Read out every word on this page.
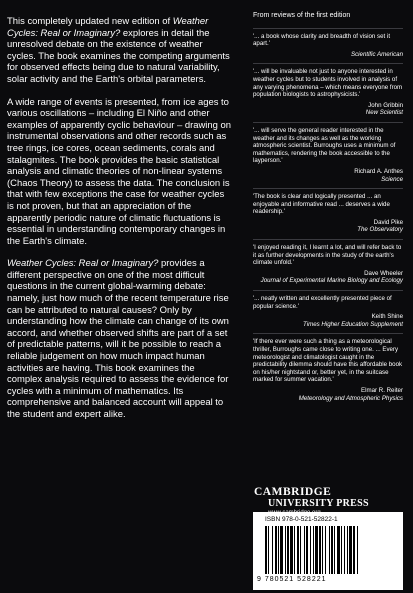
This completely updated new edition of Weather Cycles: Real or Imaginary? explores in detail the unresolved debate on the existence of weather cycles. The book examines the competing arguments for observed effects being due to natural variability, solar activity and the Earth's orbital parameters.

A wide range of events is presented, from ice ages to various oscillations – including El Niño and other examples of apparently cyclic behaviour – drawing on instrumental observations and other records such as tree rings, ice cores, ocean sediments, corals and stalagmites. The book provides the basic statistical analysis and climatic theories of non-linear systems (Chaos Theory) to assess the data. The conclusion is that with few exceptions the case for weather cycles is not proven, but that an appreciation of the apparently periodic nature of climatic fluctuations is essential in understanding contemporary changes in the Earth's climate.

Weather Cycles: Real or Imaginary? provides a different perspective on one of the most difficult questions in the current global-warming debate: namely, just how much of the recent temperature rise can be attributed to natural causes? Only by understanding how the climate can change of its own accord, and whether observed shifts are part of a set of predictable patterns, will it be possible to reach a reliable judgement on how much impact human activities are having. This book examines the complex analysis required to assess the evidence for cycles with a minimum of mathematics. Its comprehensive and balanced account will appeal to the student and expert alike.

From reviews of the first edition

'... a book whose clarity and breadth of vision set it apart.'

Scientific American

'... will be invaluable not just to anyone interested in weather cycles but to students involved in analysis of any varying phenomena – which means everyone from population biologists to astrophysicists.'

John Gribbin

New Scientist

'... will serve the general reader interested in the weather and its changes as well as the working atmospheric scientist. Burroughs uses a minimum of mathematics, rendering the book accessible to the layperson.'

Richard A. Anthes

Science

'The book is clear and logically presented ... an enjoyable and informative read ... deserves a wide readership.'

David Pike

The Observatory

'I enjoyed reading it, I learnt a lot, and will refer back to it as further developments in the study of the earth's climate unfold.'

Dave Wheeler

Journal of Experimental Marine Biology and Ecology

'... neatly written and excellently presented piece of popular science.'

Keith Shine

Times Higher Education Supplement

'If there ever were such a thing as a meteorological thriller, Burroughs came close to writing one. ... Every meteorologist and climatologist caught in the predictability dilemma should have this affordable book on his/her nightstand or, better yet, in the suitcase marked for summer vacation.'

Elmar R. Reiter

Meteorology and Atmospheric Physics

CAMBRIDGE

UNIVERSITY PRESS

ISBN 978-0-521-52822-1
9 780521 528221
